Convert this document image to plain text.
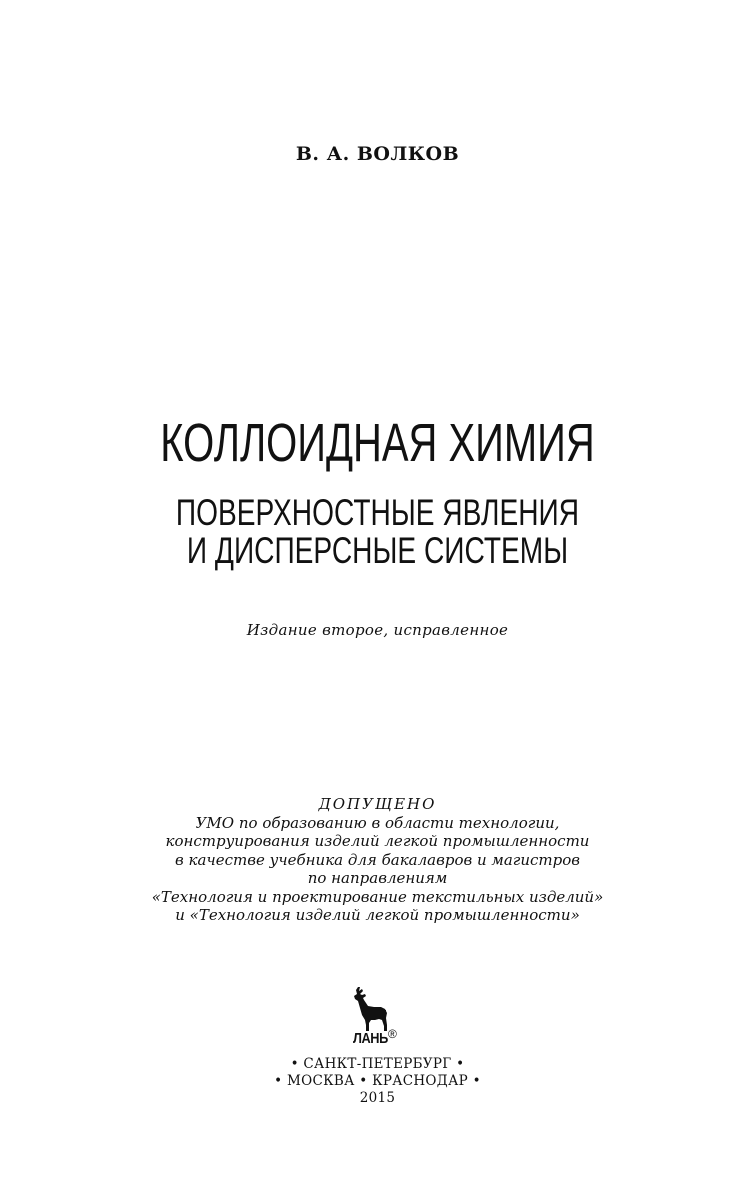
В. А. ВОЛКОВ
КОЛЛОИДНАЯ ХИМИЯ
ПОВЕРХНОСТНЫЕ ЯВЛЕНИЯ
И ДИСПЕРСНЫЕ СИСТЕМЫ
Издание второе, исправленное
ДОПУЩЕНО
УМО по образованию в области технологии,
конструирования изделий легкой промышленности
в качестве учебника для бакалавров и магистров
по направлениям
«Технология и проектирование текстильных изделий»
и «Технология изделий легкой промышленности»
ЛАНЬ ®
• САНКТ-ПЕТЕРБУРГ •
• МОСКВА • КРАСНОДАР •
2015
